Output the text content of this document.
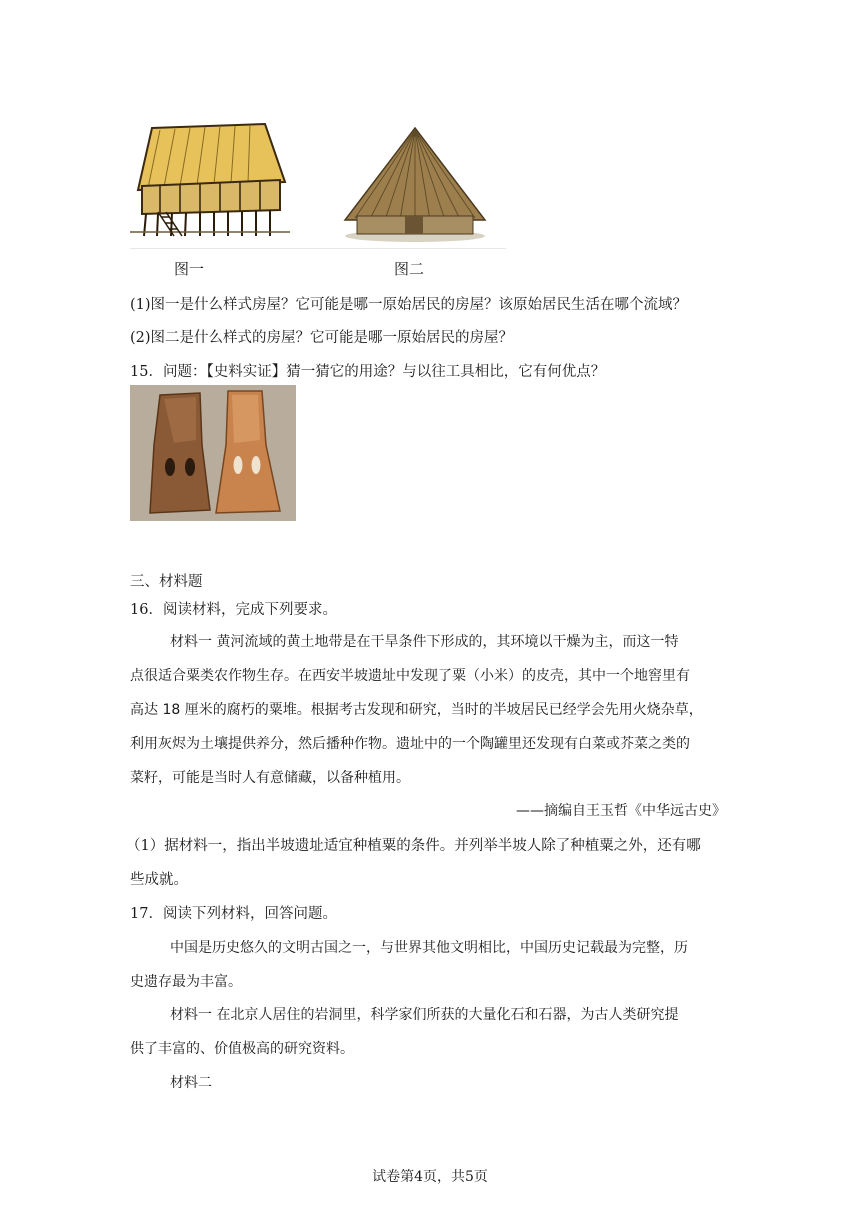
图一	图二
(1)图一是什么样式房屋？它可能是哪一原始居民的房屋？该原始居民生活在哪个流域？
(2)图二是什么样式的房屋？它可能是哪一原始居民的房屋？
15．问题：【史料实证】猜一猜它的用途？与以往工具相比，它有何优点？
三、材料题
16．阅读材料，完成下列要求。
材料一 黄河流域的黄土地带是在干旱条件下形成的，其环境以干燥为主，而这一特
点很适合粟类农作物生存。在西安半坡遗址中发现了粟（小米）的皮壳，其中一个地窖里有
高达 18 厘米的腐朽的粟堆。根据考古发现和研究，当时的半坡居民已经学会先用火烧杂草，
利用灰烬为土壤提供养分，然后播种作物。遗址中的一个陶罐里还发现有白菜或芥菜之类的
菜籽，可能是当时人有意储藏，以备种植用。
——摘编自王玉哲《中华远古史》
（1）据材料一，指出半坡遗址适宜种植粟的条件。并列举半坡人除了种植粟之外，还有哪
些成就。
17．阅读下列材料，回答问题。
中国是历史悠久的文明古国之一，与世界其他文明相比，中国历史记载最为完整，历
史遗存最为丰富。
材料一 在北京人居住的岩洞里，科学家们所获的大量化石和石器，为古人类研究提
供了丰富的、价值极高的研究资料。
材料二
试卷第4页，共5页
